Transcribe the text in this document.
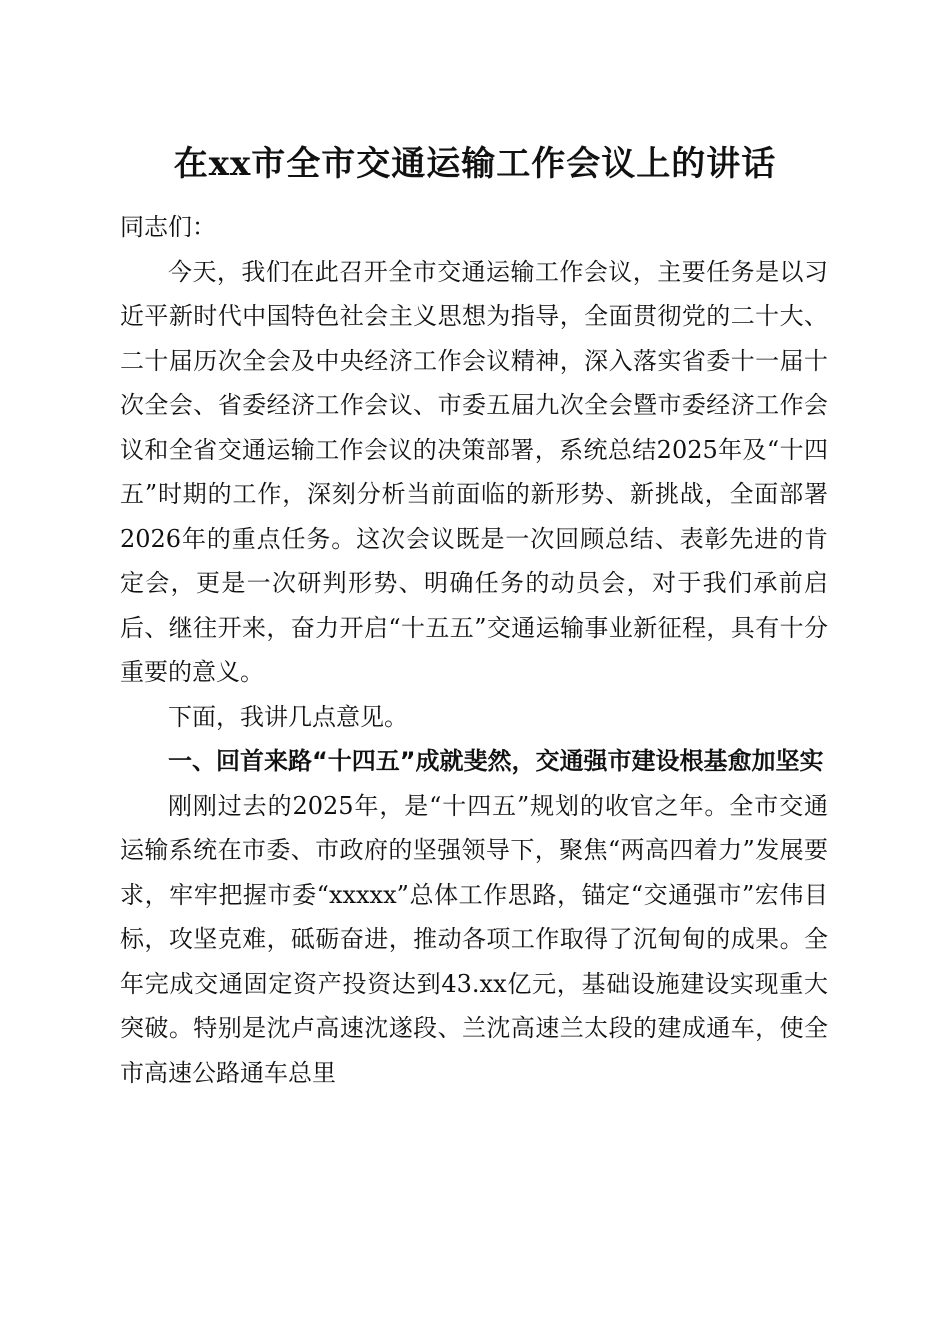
在xx市全市交通运输工作会议上的讲话

同志们：

今天，我们在此召开全市交通运输工作会议，主要任务是以习近平新时代中国特色社会主义思想为指导，全面贯彻党的二十大、二十届历次全会及中央经济工作会议精神，深入落实省委十一届十次全会、省委经济工作会议、市委五届九次全会暨市委经济工作会议和全省交通运输工作会议的决策部署，系统总结2025年及“十四五”时期的工作，深刻分析当前面临的新形势、新挑战，全面部署2026年的重点任务。这次会议既是一次回顾总结、表彰先进的肯定会，更是一次研判形势、明确任务的动员会，对于我们承前启后、继往开来，奋力开启“十五五”交通运输事业新征程，具有十分重要的意义。

下面，我讲几点意见。

一、回首来路“十四五”成就斐然，交通强市建设根基愈加坚实

刚刚过去的2025年，是“十四五”规划的收官之年。全市交通运输系统在市委、市政府的坚强领导下，聚焦“两高四着力”发展要求，牢牢把握市委“xxxxx”总体工作思路，锚定“交通强市”宏伟目标，攻坚克难，砥砺奋进，推动各项工作取得了沉甸甸的成果。全年完成交通固定资产投资达到43.xx亿元，基础设施建设实现重大突破。特别是沈卢高速沈遂段、兰沈高速兰太段的建成通车，使全市高速公路通车总里
